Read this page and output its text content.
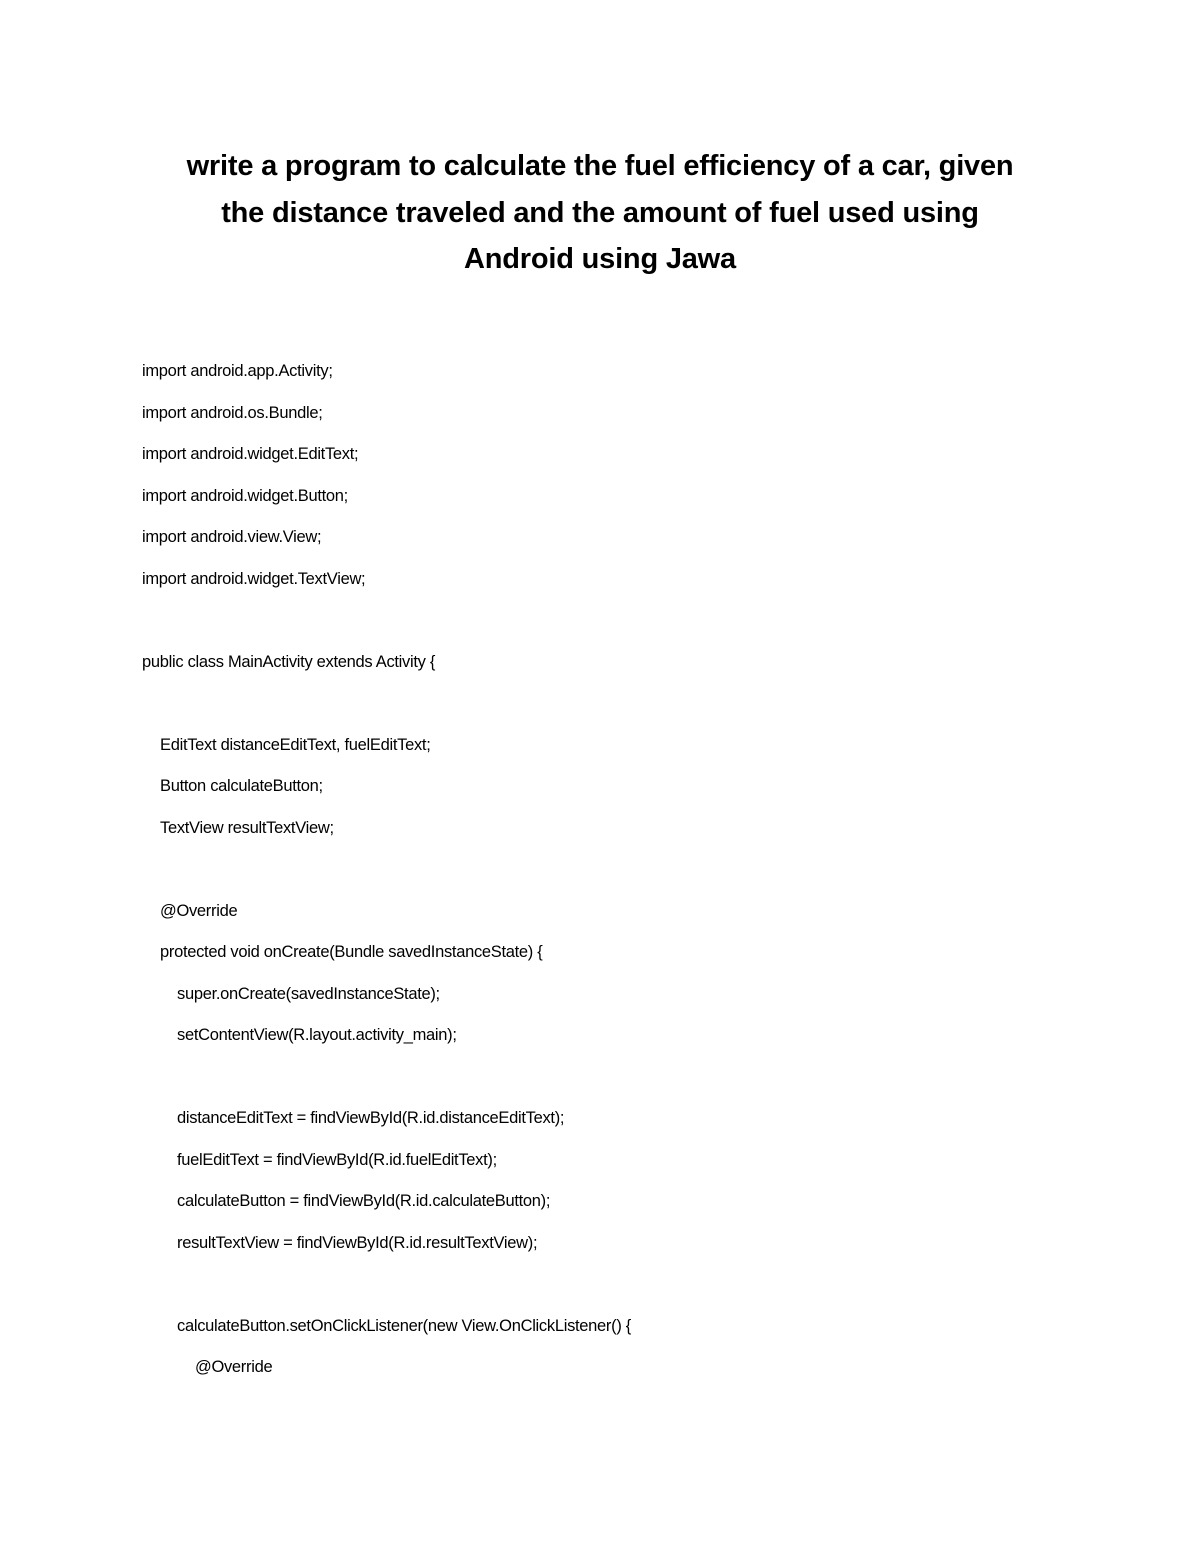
write a program to calculate the fuel efficiency of a car, given
the distance traveled and the amount of fuel used using
Android using Jawa
import android.app.Activity;
import android.os.Bundle;
import android.widget.EditText;
import android.widget.Button;
import android.view.View;
import android.widget.TextView;
public class MainActivity extends Activity {
EditText distanceEditText, fuelEditText;
Button calculateButton;
TextView resultTextView;
@Override
protected void onCreate(Bundle savedInstanceState) {
super.onCreate(savedInstanceState);
setContentView(R.layout.activity_main);
distanceEditText = findViewById(R.id.distanceEditText);
fuelEditText = findViewById(R.id.fuelEditText);
calculateButton = findViewById(R.id.calculateButton);
resultTextView = findViewById(R.id.resultTextView);
calculateButton.setOnClickListener(new View.OnClickListener() {
@Override
